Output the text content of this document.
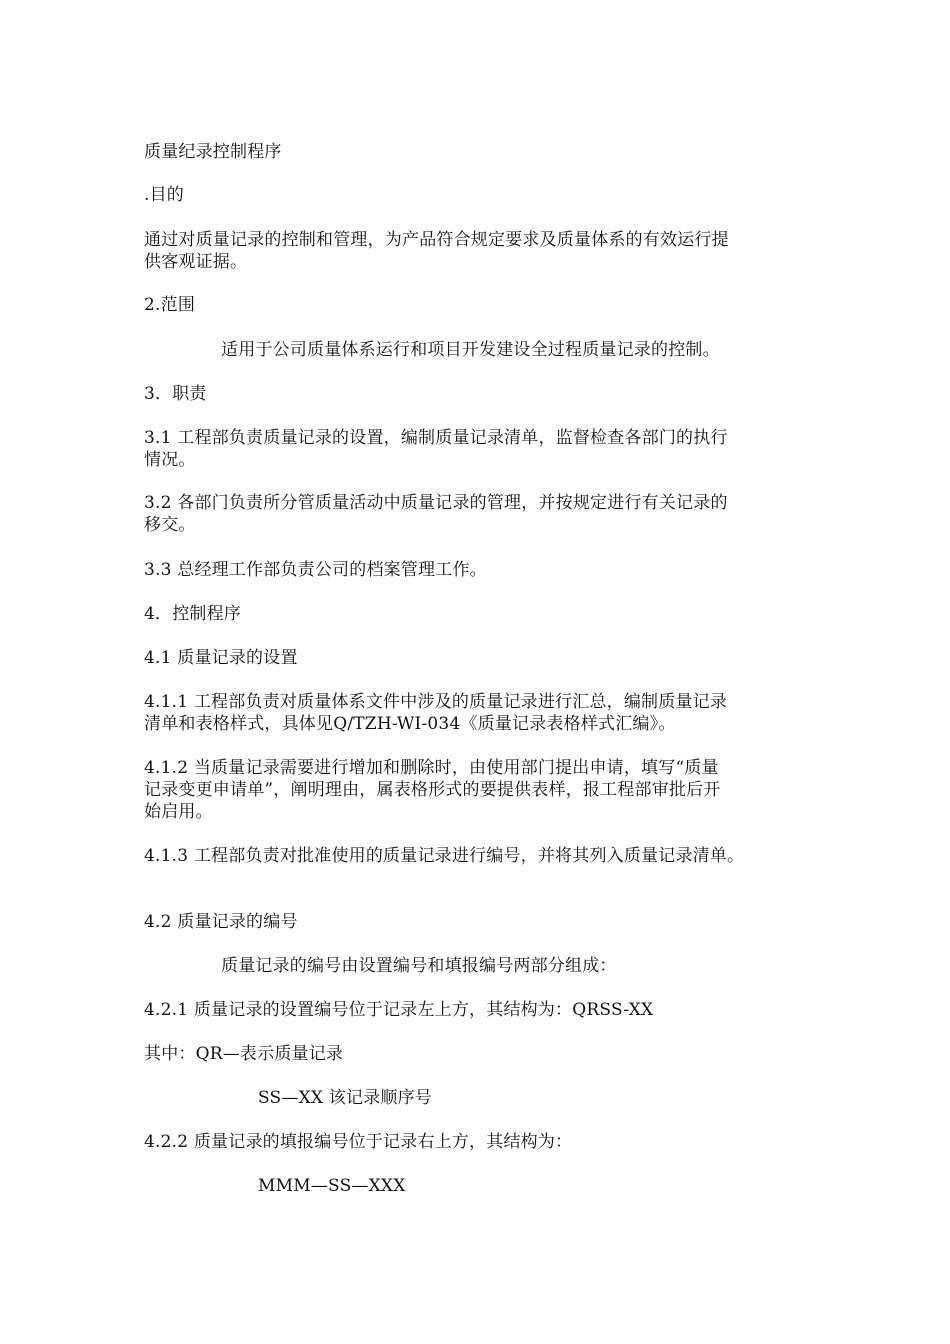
质量纪录控制程序
.目的
通过对质量记录的控制和管理，为产品符合规定要求及质量体系的有效运行提
供客观证据。
2.范围
适用于公司质量体系运行和项目开发建设全过程质量记录的控制。
3．职责
3.1 工程部负责质量记录的设置，编制质量记录清单，监督检查各部门的执行
情况。
3.2 各部门负责所分管质量活动中质量记录的管理，并按规定进行有关记录的
移交。
3.3 总经理工作部负责公司的档案管理工作。
4．控制程序
4.1 质量记录的设置
4.1.1 工程部负责对质量体系文件中涉及的质量记录进行汇总，编制质量记录
清单和表格样式，具体见Q/TZH-WI-034《质量记录表格样式汇编》。
4.1.2 当质量记录需要进行增加和删除时，由使用部门提出申请，填写“质量
记录变更申请单”，阐明理由，属表格形式的要提供表样，报工程部审批后开
始启用。
4.1.3 工程部负责对批准使用的质量记录进行编号，并将其列入质量记录清单。
4.2 质量记录的编号
质量记录的编号由设置编号和填报编号两部分组成：
4.2.1 质量记录的设置编号位于记录左上方，其结构为：QRSS-XX
其中：QR—表示质量记录
SS—XX 该记录顺序号
4.2.2 质量记录的填报编号位于记录右上方，其结构为：
MMM—SS—XXX
